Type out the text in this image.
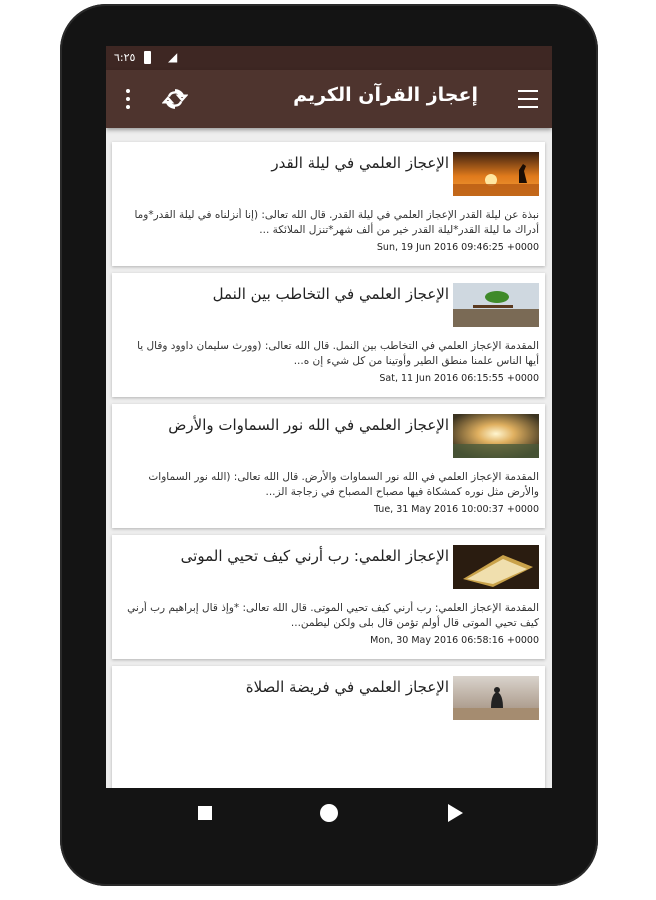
٦:٢٥	◢
إعجاز القرآن الكريم
الإعجاز العلمي في ليلة القدر
نبذة عن ليلة القدر الإعجاز العلمي في ليلة القدر. قال الله تعالى: (إنا أنزلناه في ليلة القدر*وما أدراك ما ليلة القدر*ليلة القدر خير من ألف شهر*تنزل الملائكة ...
Sun, 19 Jun 2016 09:46:25 +0000
الإعجاز العلمي في التخاطب بين النمل
المقدمة الإعجاز العلمي في التخاطب بين النمل. قال الله تعالى: (وورث سليمان داوود وقال يا أيها الناس علمنا منطق الطير وأوتينا من كل شيء إن ه...
Sat, 11 Jun 2016 06:15:55 +0000
الإعجاز العلمي في الله نور السماوات والأرض
المقدمة الإعجاز العلمي في الله نور السماوات والأرض. قال الله تعالى: (الله نور السماوات والأرض مثل نوره كمشكاة فيها مصباح المصباح في زجاجة الز...
Tue, 31 May 2016 10:00:37 +0000
الإعجاز العلمي: رب أرني كيف تحيي الموتى
المقدمة الإعجاز العلمي: رب أرني كيف تحيي الموتى. قال الله تعالى: *وإذ قال إبراهيم رب أرني كيف تحيي الموتى قال أولم تؤمن قال بلى ولكن ليطمن...
Mon, 30 May 2016 06:58:16 +0000
الإعجاز العلمي في فريضة الصلاة
